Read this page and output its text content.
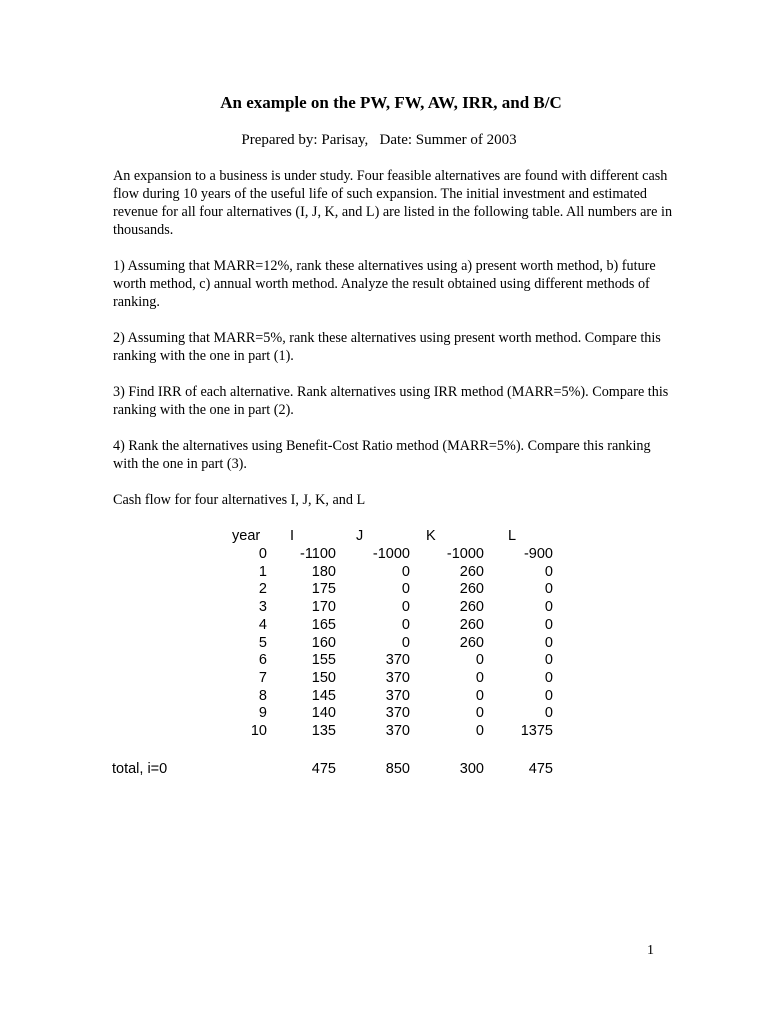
An example on the PW, FW, AW, IRR, and B/C
Prepared by: Parisay, Date: Summer of 2003

An expansion to a business is under study. Four feasible alternatives are found with different cash flow during 10 years of the useful life of such expansion. The initial investment and estimated revenue for all four alternatives (I, J, K, and L) are listed in the following table. All numbers are in thousands.

1) Assuming that MARR=12%, rank these alternatives using a) present worth method, b) future worth method, c) annual worth method. Analyze the result obtained using different methods of ranking.

2) Assuming that MARR=5%, rank these alternatives using present worth method. Compare this ranking with the one in part (1).

3) Find IRR of each alternative. Rank alternatives using IRR method (MARR=5%). Compare this ranking with the one in part (2).

4) Rank the alternatives using Benefit-Cost Ratio method (MARR=5%). Compare this ranking with the one in part (3).

Cash flow for four alternatives I, J, K, and L

year I	J	K	L
0 -1100	-1000	-1000	-900
1	180	0	260	0
2	175	0	260	0
3	170	0	260	0
4	165	0	260	0
5	160	0	260	0
6	155	370	0	0
7	150	370	0	0
8	145	370	0	0
9	140	370	0	0
10	135	370	0	1375
total, i=0	475	850	300	475
1
